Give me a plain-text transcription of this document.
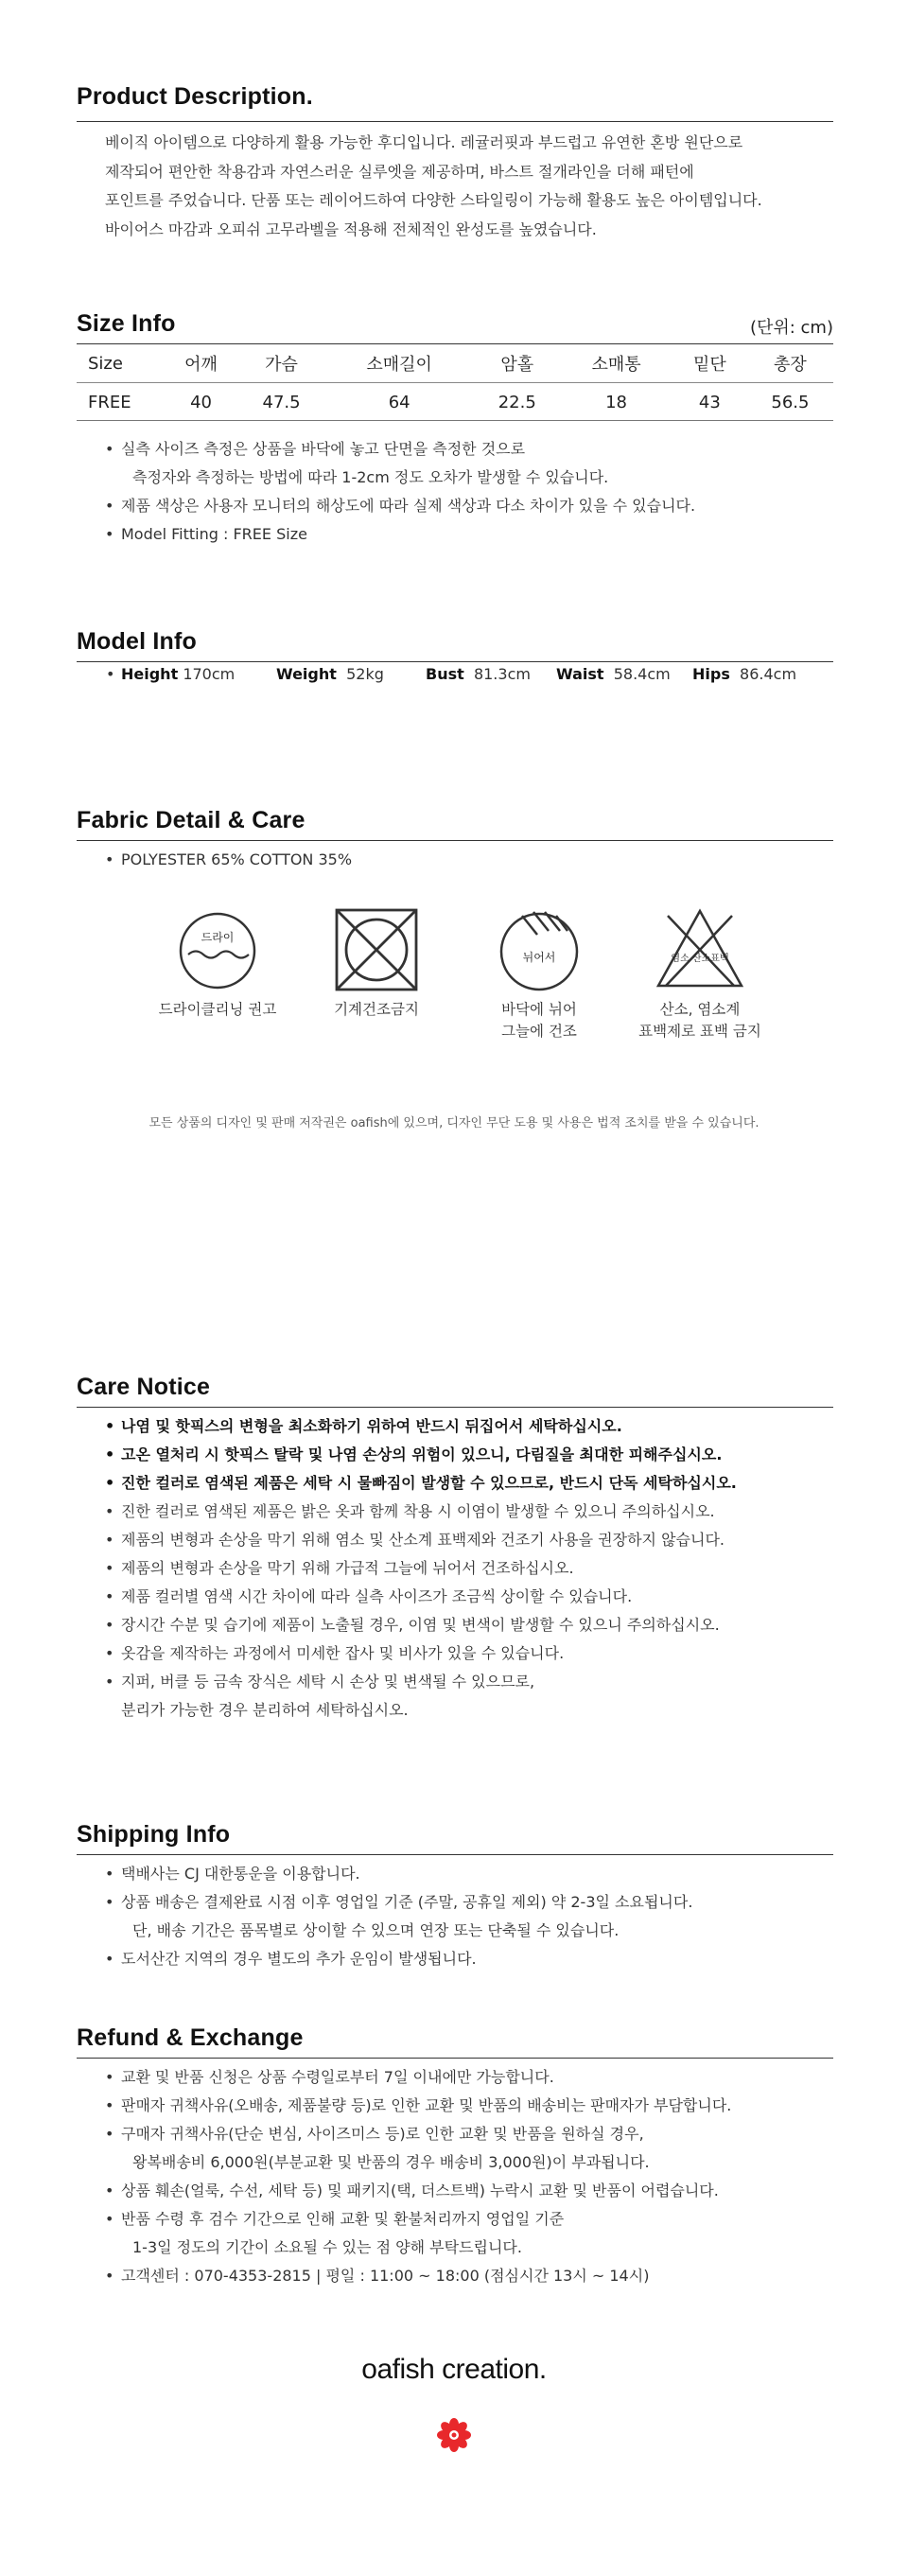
Product Description.
베이직 아이템으로 다양하게 활용 가능한 후디입니다. 레귤러핏과 부드럽고 유연한 혼방 원단으로
제작되어 편안한 착용감과 자연스러운 실루엣을 제공하며, 바스트 절개라인을 더해 패턴에
포인트를 주었습니다. 단품 또는 레이어드하여 다양한 스타일링이 가능해 활용도 높은 아이템입니다.
바이어스 마감과 오피쉬 고무라벨을 적용해 전체적인 완성도를 높였습니다.
Size Info	(단위: cm)
Size	어깨	가슴	소매길이	암홀	소매통	밑단	총장
FREE	40	47.5	64	22.5	18	43	56.5
• 실측 사이즈 측정은 상품을 바닥에 놓고 단면을 측정한 것으로
측정자와 측정하는 방법에 따라 1-2cm 정도 오차가 발생할 수 있습니다.
• 제품 색상은 사용자 모니터의 해상도에 따라 실제 색상과 다소 차이가 있을 수 있습니다.
• Model Fitting : FREE Size
Model Info
• Height 170cm	Weight 52kg	Bust 81.3cm Waist 58.4cm Hips 86.4cm
Fabric Detail & Care
• POLYESTER 65% COTTON 35%
드라이
뉘어서	염소 산소표백
드라이클리닝 권고	기계건조금지	바닥에 뉘어
그늘에 건조
산소, 염소계
표백제로 표백 금지
모든 상품의 디자인 및 판매 저작권은 oafish에 있으며, 디자인 무단 도용 및 사용은 법적 조치를 받을 수 있습니다.
Care Notice
• 나염 및 핫픽스의 변형을 최소화하기 위하여 반드시 뒤집어서 세탁하십시오.
• 고온 열처리 시 핫픽스 탈락 및 나염 손상의 위험이 있으니, 다림질을 최대한 피해주십시오.
• 진한 컬러로 염색된 제품은 세탁 시 물빠짐이 발생할 수 있으므로, 반드시 단독 세탁하십시오.
• 진한 컬러로 염색된 제품은 밝은 옷과 함께 착용 시 이염이 발생할 수 있으니 주의하십시오.
• 제품의 변형과 손상을 막기 위해 염소 및 산소계 표백제와 건조기 사용을 권장하지 않습니다.
• 제품의 변형과 손상을 막기 위해 가급적 그늘에 뉘어서 건조하십시오.
• 제품 컬러별 염색 시간 차이에 따라 실측 사이즈가 조금씩 상이할 수 있습니다.
• 장시간 수분 및 습기에 제품이 노출될 경우, 이염 및 변색이 발생할 수 있으니 주의하십시오.
• 옷감을 제작하는 과정에서 미세한 잡사 및 비사가 있을 수 있습니다.
• 지퍼, 버클 등 금속 장식은 세탁 시 손상 및 변색될 수 있으므로,
분리가 가능한 경우 분리하여 세탁하십시오.
Shipping Info
• 택배사는 CJ 대한통운을 이용합니다.
• 상품 배송은 결제완료 시점 이후 영업일 기준 (주말, 공휴일 제외) 약 2-3일 소요됩니다.
단, 배송 기간은 품목별로 상이할 수 있으며 연장 또는 단축될 수 있습니다.
• 도서산간 지역의 경우 별도의 추가 운임이 발생됩니다.
Refund & Exchange
• 교환 및 반품 신청은 상품 수령일로부터 7일 이내에만 가능합니다.
• 판매자 귀책사유(오배송, 제품불량 등)로 인한 교환 및 반품의 배송비는 판매자가 부담합니다.
• 구매자 귀책사유(단순 변심, 사이즈미스 등)로 인한 교환 및 반품을 원하실 경우,
왕복배송비 6,000원(부분교환 및 반품의 경우 배송비 3,000원)이 부과됩니다.
• 상품 훼손(얼룩, 수선, 세탁 등) 및 패키지(택, 더스트백) 누락시 교환 및 반품이 어렵습니다.
• 반품 수령 후 검수 기간으로 인해 교환 및 환불처리까지 영업일 기준
1-3일 정도의 기간이 소요될 수 있는 점 양해 부탁드립니다.
• 고객센터 : 070-4353-2815 | 평일 : 11:00 ~ 18:00 (점심시간 13시 ~ 14시)
oafish creation.
